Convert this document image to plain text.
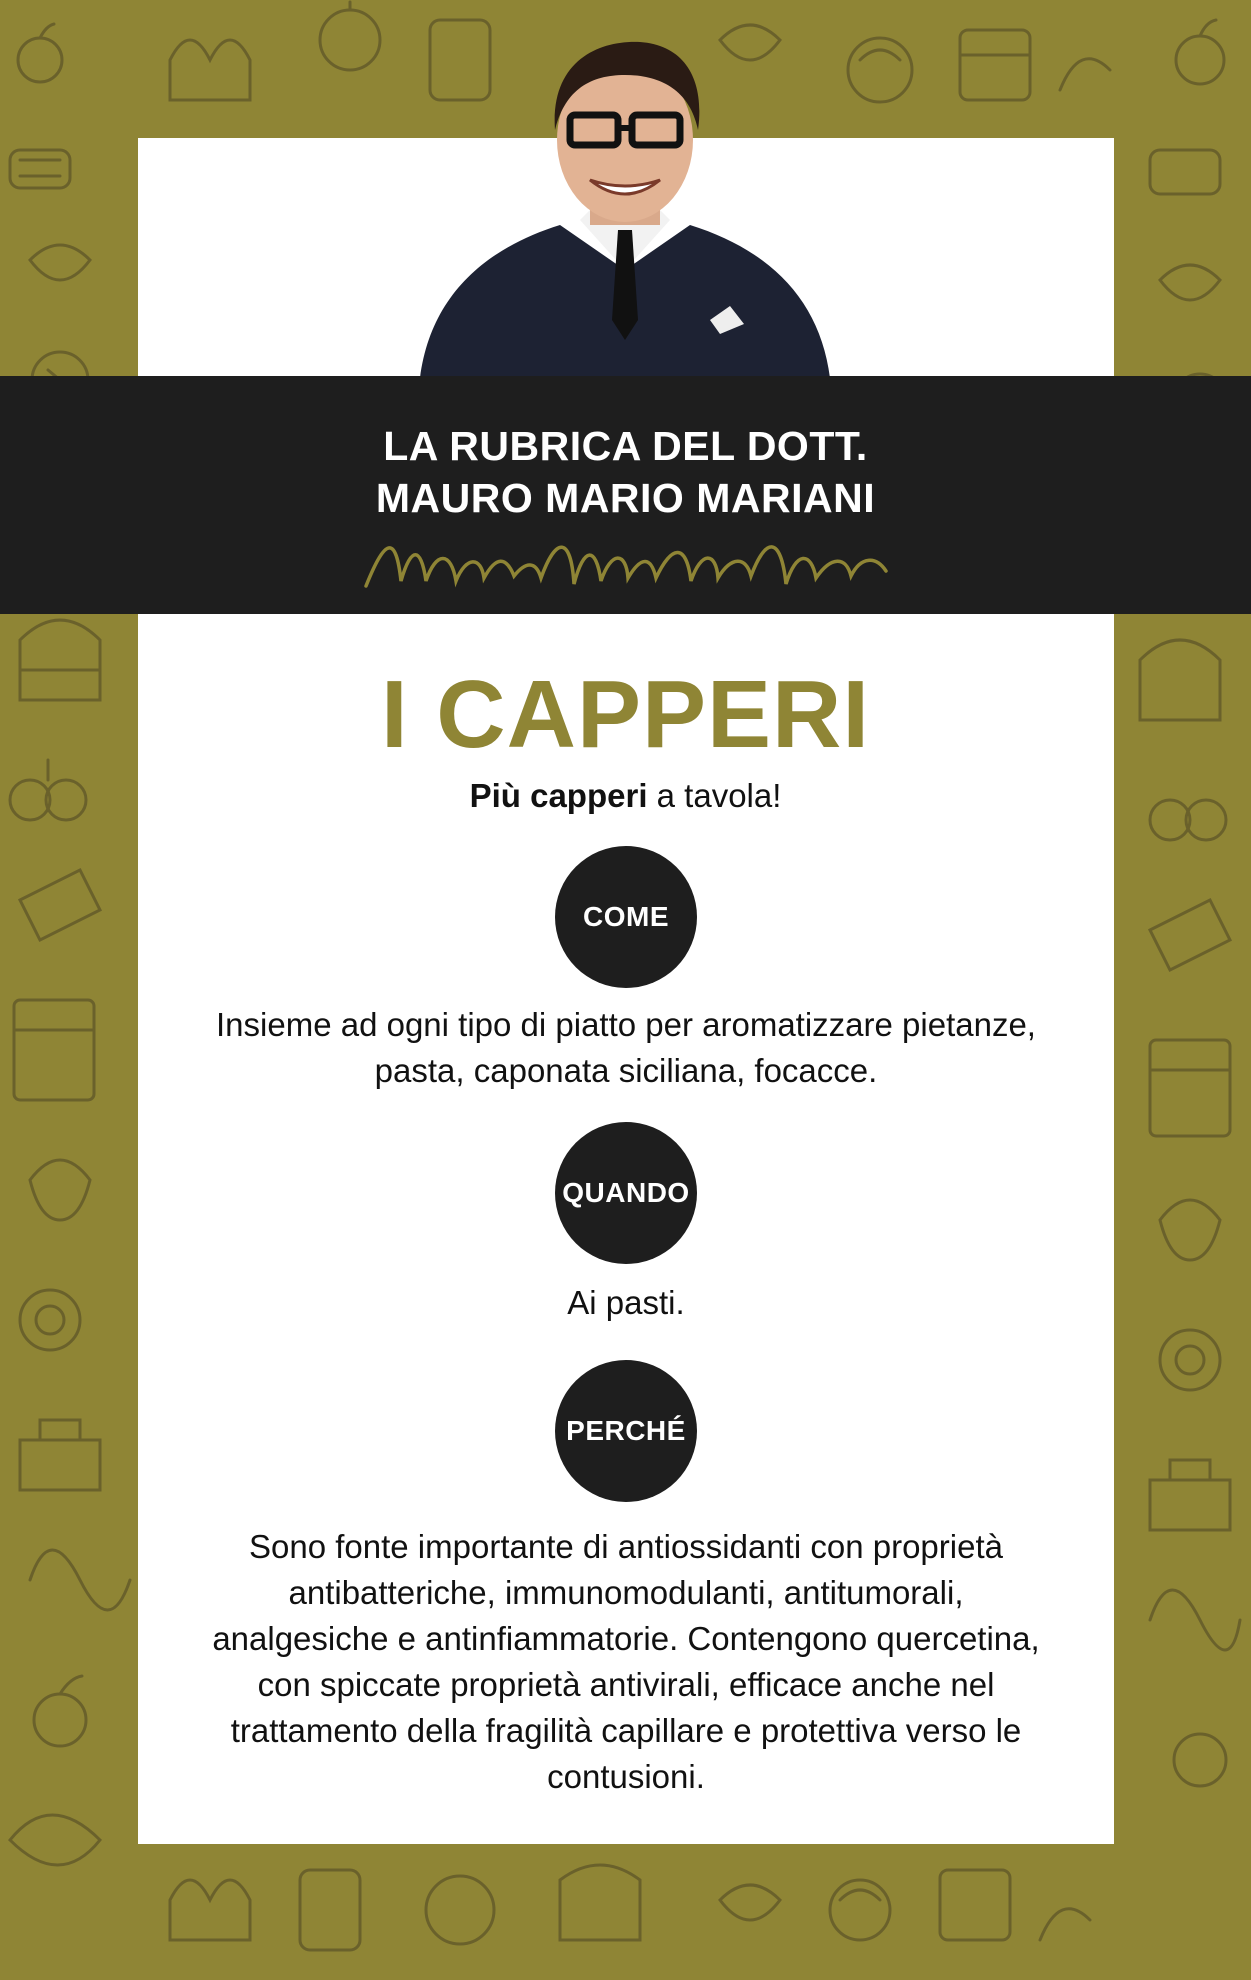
LA RUBRICA DEL DOTT.
MAURO MARIO MARIANI
I CAPPERI
Più capperi a tavola!
COME
Insieme ad ogni tipo di piatto per aromatizzare pietanze, pasta, caponata siciliana, focacce.
QUANDO
Ai pasti.
PERCHÉ
Sono fonte importante di antiossidanti con proprietà antibatteriche, immunomodulanti, antitumorali, analgesiche e antinfiammatorie. Contengono quercetina, con spiccate proprietà antivirali, efficace anche nel trattamento della fragilità capillare e protettiva verso le contusioni.
